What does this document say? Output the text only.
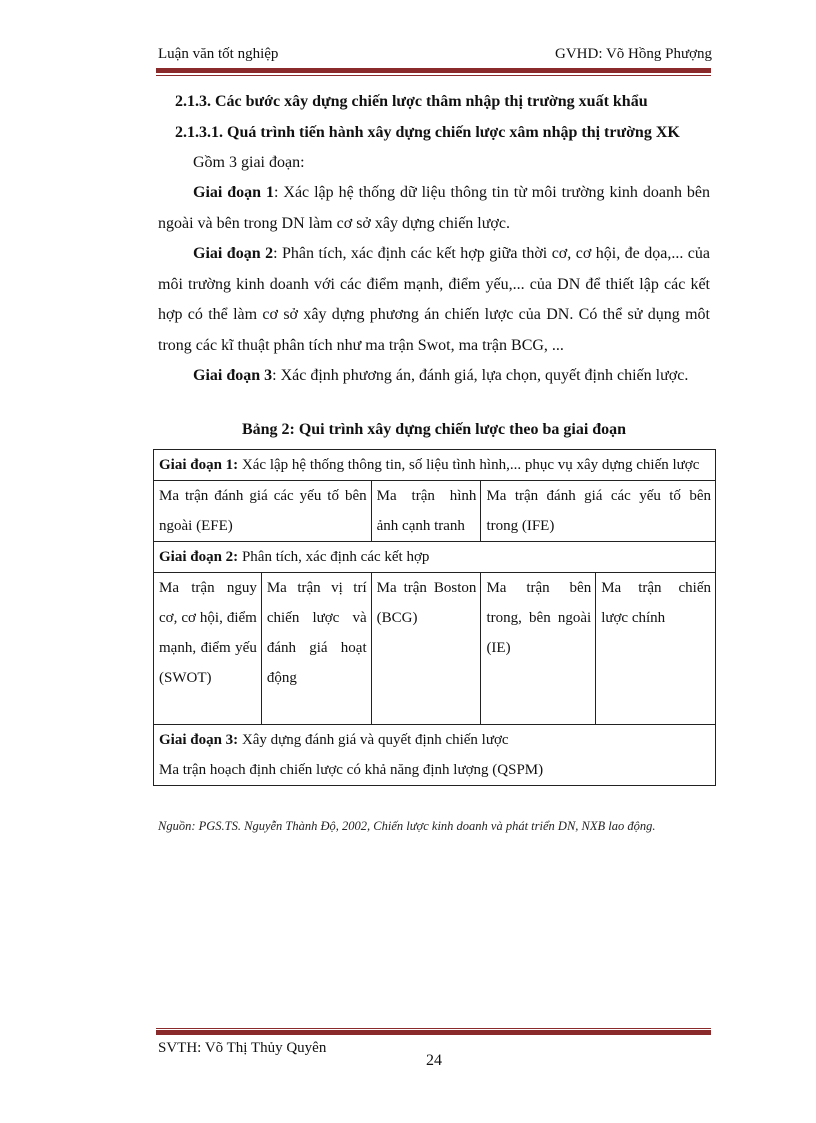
Luận văn tốt nghiệp	GVHD: Võ Hồng Phượng
2.1.3. Các bước xây dựng chiến lược thâm nhập thị trường xuất khẩu
2.1.3.1. Quá trình tiến hành xây dựng chiến lược xâm nhập thị trường XK
Gồm 3 giai đoạn:
Giai đoạn 1: Xác lập hệ thống dữ liệu thông tin từ môi trường kinh doanh bên ngoài và bên trong DN làm cơ sở xây dựng chiến lược.
Giai đoạn 2: Phân tích, xác định các kết hợp giữa thời cơ, cơ hội, đe dọa,... của môi trường kinh doanh với các điểm mạnh, điểm yếu,... của DN để thiết lập các kết hợp có thể làm cơ sở xây dựng phương án chiến lược của DN. Có thể sử dụng môt trong các kĩ thuật phân tích như ma trận Swot, ma trận BCG, ...
Giai đoạn 3: Xác định phương án, đánh giá, lựa chọn, quyết định chiến lược.
Bảng 2: Qui trình xây dựng chiến lược theo ba giai đoạn
Giai đoạn 1: Xác lập hệ thống thông tin, số liệu tình hình,... phục vụ xây dựng chiến lược				
Ma trận đánh giá các yếu tố bên ngoài (EFE)		Ma trận hình ảnh cạnh tranh	Ma trận đánh giá các yếu tố bên trong (IFE)	
Giai đoạn 2: Phân tích, xác định các kết hợp				
Ma trận nguy cơ, cơ hội, điểm mạnh, điểm yếu (SWOT)	Ma trận vị trí chiến lược và đánh giá hoạt động	Ma trận Boston (BCG)	Ma trận bên trong, bên ngoài (IE)	Ma trận chiến lược chính

Giai đoạn 3: Xây dựng đánh giá và quyết định chiến lược
Ma trận hoạch định chiến lược có khả năng định lượng (QSPM)				
Nguồn: PGS.TS. Nguyễn Thành Độ, 2002, Chiến lược kinh doanh và phát triển DN, NXB lao động.
SVTH: Võ Thị Thủy Quyên
24
